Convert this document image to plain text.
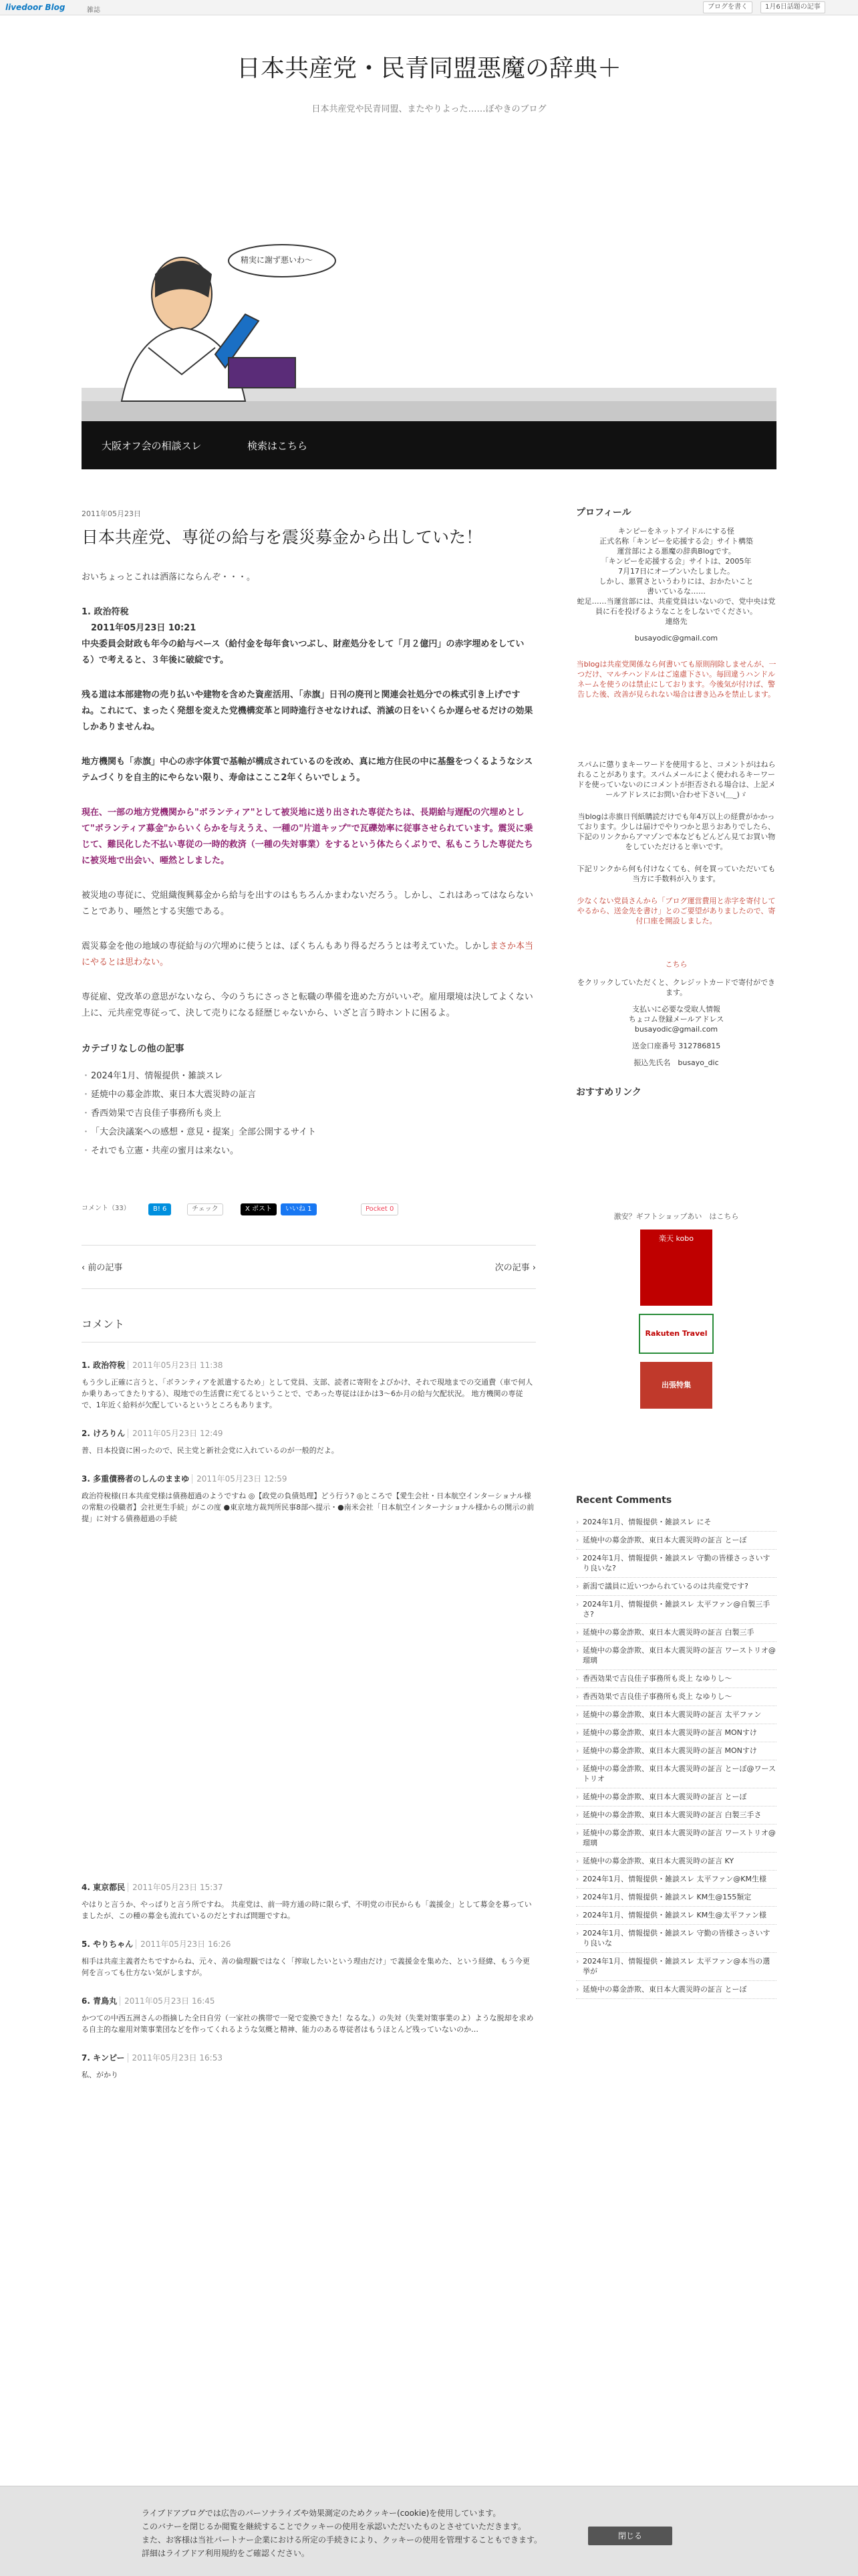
livedoor Blog	雑誌	ブログを書く	1月6日話題の記事
日本共産党・民青同盟悪魔の辞典＋
日本共産党や民青同盟、またやりよった……ぼやきのブログ
精実に謝ず悪いわ～
大阪オフ会の相談スレ	検索はこちら
2011年05月23日
日本共産党、専従の給与を震災募金から出していた！

おいちょっとこれは洒落にならんぞ・・・。

1. 政治符稅
2011年05月23日 10:21
中央委員会財政も年今の給与ベース（給付金を毎年食いつぶし、財産処分をして「月２億円」の赤字埋めをしている）で考えると、３年後に破綻です。

残る道は本部建物の売り払いや建物を含めた資産活用、「赤旗」日刊の廃刊と関連会社処分での株式引き上げですね。これにて、まったく発想を変えた党機構変革と同時進行させなければ、消滅の日をいくらか遅らせるだけの効果しかありませんね。

地方機関も「赤旗」中心の赤字体質で基軸が構成されているのを改め、真に地方住民の中に基盤をつくるようなシステムづくりを自主的にやらない限り、寿命はこここ2年くらいでしょう。

現在、一部の地方党機関から"ボランティア"として被災地に送り出された専従たちは、長期給与遅配の穴埋めとして"ボランティア募金"からいくらかを与えうえ、一種の"片道キップ"で瓦礫効率に従事させられています。震災に乗じて、難民化した不払い専従の一時的救済（一種の失対事業）をするという体たらくぶりで、私もこうした専従たちに被災地で出会い、唖然としました。

被災地の専従に、党組織復興募金から給与を出すのはもちろんかまわないだろう。しかし、これはあってはならないことであり、唖然とする実態である。

震災募金を他の地域の専従給与の穴埋めに使うとは、ぼくちんもあり得るだろうとは考えていた。しかしまさか本当にやるとは思わない。

専従雇、党改革の意思がないなら、今のうちにさっさと転職の準備を進めた方がいいぞ。雇用環境は決してよくない上に、元共産党専従って、決して売りになる経歴じゃないから、いざと言う時ホントに困るよ。

カテゴリなしの他の記事
・ 2024年1月、情報提供・雑談スレ
・ 延焼中の募金詐欺、東日本大震災時の証言
・ 香西効果で吉良佳子事務所も炎上
・ 「大会決議案への感想・意見・提案」全部公開するサイト
・ それでも立憲・共産の蜜月は来ない。
コメント（33）	B! 6	チェック	X ポスト	いいね 1	Pocket 0
‹ 前の記事	次の記事 ›
コメント
1. 政治符稅 2011年05月23日 11:38
もう少し正確に言うと、「ボランティアを派遣するため」として党員、支部、読者に寄附をよびかけ、それで現地までの交通費（車で何人か乗りあってきたりする）、現地での生活費に充てるということで、であった専従はほかは3～6か月の給与欠配状況。 地方機関の専従で、1年近く給料が欠配しているというところもあります。
2. けろりん 2011年05月23日 12:49
普、日本投資に困ったので、民主党と新社会党に入れているのが一般的だよ。
3. 多重債務者のしんのままゆ 2011年05月23日 12:59
政治符稅様(日本共産党様は債務超過のようですね ◎【政党の負債処理】どう行う? ◎ところで【愛生会社・日本航空インターショナル様の常駐の役職者】会社更生手続」がこの度 ●東京地方裁判所民事8部へ提示・●南米会社「日本航空インターナショナル様からの開示の前提」に対する債務超過の手続
4. 東京都民 2011年05月23日 15:37
やはりと言うか、やっぱりと言う所ですね。 共産党は、前一時方通の時に限らず、不明党の市民からも「義援金」として募金を募っていましたが、この種の募金も流れているのだとすれば問題ですね。
5. やりちゃん 2011年05月23日 16:26
相手は共産主義者たちですからね、元々、善の倫理観ではなく「搾取したいという理由だけ」で義援金を集めた、という経緯、もう今更何を言っても仕方ない気がしますが。
6. 青鳥丸 2011年05月23日 16:45
かつての中西五洲さんの指摘した全日自労（一家社の携帯で一発で変換できた！なるな。）の失対（失業対策事業のよ）ような脱却を求める自主的な雇用対策事業団などを作ってくれるような気概と精神、能力のある専従者はもうほとんど残っていないのか…
7. キンピー 2011年05月23日 16:53
私、がかり
プロフィール
キンピーをネットアイドルにする怪
正式名称「キンピーを応援する会」サイト構築
運営部による悪魔の辞典Blogです。
「キンピーを応援する会」サイトは、2005年
7月17日にオープンいたしました。
しかし、悪質さというわりには、おかたいこと
書いているな……
蛇足……当運営部には、共産党員はいないので、党中央は党員に石を投げるようなことをしないでください。
連絡先
busayodic@gmail.com
当blogは共産党関係なら何書いても原則削除しませんが、一つだけ、マルチハンドルはご遠慮下さい。毎回違うハンドルネームを使うのは禁止にしております。今後気が付けば、警告した後、改善が見られない場合は書き込みを禁止します。
スパムに懲りまキーワードを使用すると、コメントがはねられることがあります。スパムメールによく使われるキーワードを使っていないのにコメントが拒否される場合は、上記メールアドレスにお問い合わせ下さい(＿_)ゞ
当blogは赤旗日刊紙購読だけでも年4万以上の経費がかかっております。少しは届けでやりつかと思うおありでしたら、下記のリンクからアマゾンで本などもどんどん見てお買い物をしていただけると幸いです。
下記リンクから何も付けなくても、何を買っていただいても当方に手数料が入ります。
少なくない党員さんから「ブログ運営費用と赤字を寄付してやるから、送金先を書け」とのご要望がありましたので、寄付口座を開設しました。
こちら
をクリックしていただくと、クレジットカードで寄付ができます。
支払いに必要な受取人情報
ちょコム登録メールアドレス
busayodic@gmail.com
送金口座番号 312786815
振込先氏名　busayo_dic
おすすめリンク
激安？ギフトショップあい　はこちら
楽天 kobo
Rakuten Travel
出張特集
Recent Comments
› 2024年1月、情報提供・雑談スレ にそ
› 延焼中の募金詐欺、東日本大震災時の証言 とーぼ
› 2024年1月、情報提供・雑談スレ 守勤の皆様さっさいすり良いな?
› 新潟で議員に近いつかられているのは共産党です?
› 2024年1月、情報提供・雑談スレ 太平ファン@自製三手さ?
› 延焼中の募金詐欺、東日本大震災時の証言 白製三手
› 延焼中の募金詐欺、東日本大震災時の証言 ワーストリオ@瑠璃
› 香西効果で吉良佳子事務所も炎上 なゆりし～
› 香西効果で吉良佳子事務所も炎上 なゆりし～
› 延焼中の募金詐欺、東日本大震災時の証言 太平ファン
› 延焼中の募金詐欺、東日本大震災時の証言 MONすけ
› 延焼中の募金詐欺、東日本大震災時の証言 MONすけ
› 延焼中の募金詐欺、東日本大震災時の証言 とーぼ@ワーストリオ
› 延焼中の募金詐欺、東日本大震災時の証言 とーぼ
› 延焼中の募金詐欺、東日本大震災時の証言 白製三手さ
› 延焼中の募金詐欺、東日本大震災時の証言 ワーストリオ@瑠璃
› 延焼中の募金詐欺、東日本大震災時の証言 KY
› 2024年1月、情報提供・雑談スレ 太平ファン@KM生様
› 2024年1月、情報提供・雑談スレ KM生@155類定
› 2024年1月、情報提供・雑談スレ KM生@太平ファン様
› 2024年1月、情報提供・雑談スレ 守勤の皆様さっさいすり良いな
› 2024年1月、情報提供・雑談スレ 太平ファン@本当の選挙が
› 延焼中の募金詐欺、東日本大震災時の証言 とーぼ
ライブドアブログでは広告のパーソナライズや効果測定のためクッキー(cookie)を使用しています。
このバナーを閉じるか閲覧を継続することでクッキーの使用を承認いただいたものとさせていただきます。
また、お客様は当社パートナー企業における所定の手続きにより、クッキーの使用を管理することもできます。
詳細はライブドア利用規約をご確認ください。
閉じる
